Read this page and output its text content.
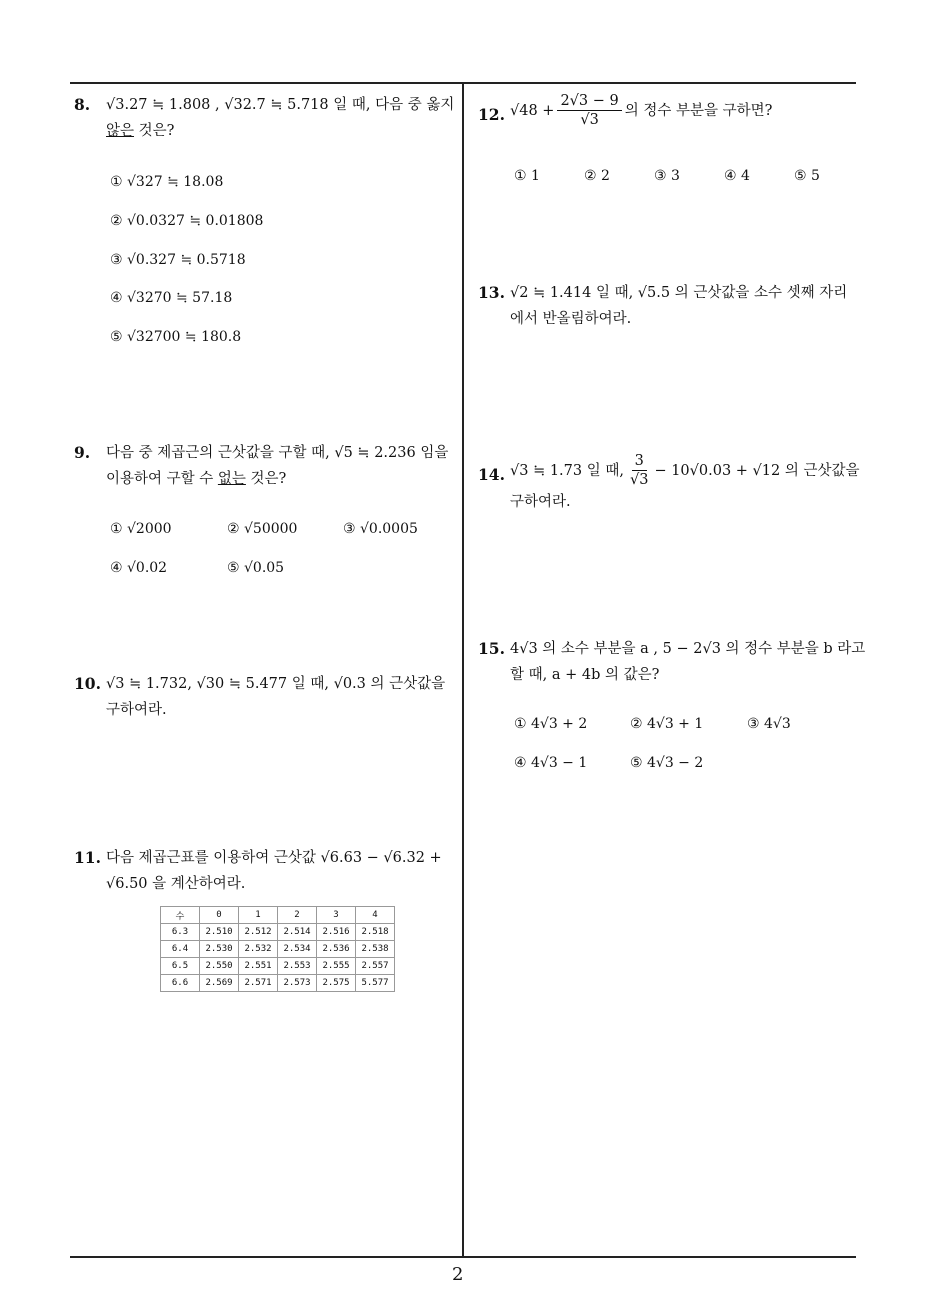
8. √3.27 ≒ 1.808 , √32.7 ≒ 5.718 일 때, 다음 중 옳지
않은 것은?
① √327 ≒ 18.08
② √0.0327 ≒ 0.01808
③ √0.327 ≒ 0.5718
④ √3270 ≒ 57.18
⑤ √32700 ≒ 180.8
9. 다음 중 제곱근의 근삿값을 구할 때, √5 ≒ 2.236 임을
이용하여 구할 수 없는 것은?
① √2000	② √50000	③ √0.0005
④ √0.02	⑤ √0.05
10. √3 ≒ 1.732, √30 ≒ 5.477 일 때, √0.3 의 근삿값을
구하여라.
11. 다음 제곱근표를 이용하여 근삿값 √6.63 − √6.32 +
√6.50 을 계산하여라.
수	0	1	2	3	4
6.3	2.510	2.512	2.514	2.516	2.518
6.4	2.530	2.532	2.534	2.536	2.538
6.5	2.550	2.551	2.553	2.555	2.557
6.6	2.569	2.571	2.573	2.575	5.577
12. $√48 + \frac{2√3 - 9}{√3}$ 의 정수 부분을 구하면?
① 1	② 2	③ 3	④ 4	⑤ 5
13. √2 ≒ 1.414 일 때, √5.5 의 근삿값을 소수 셋째 자리
에서 반올림하여라.
14. √3 ≒ 1.73 일 때, $\frac{3}{√3} - 10√0.03 + √12$ 의 근삿값을
구하여라.
15. 4√3 의 소수 부분을 a , 5 − 2√3 의 정수 부분을 b 라고
할 때, a + 4b 의 값은?
① 4√3 + 2	② 4√3 + 1	③ 4√3
④ 4√3 − 1	⑤ 4√3 − 2
2
